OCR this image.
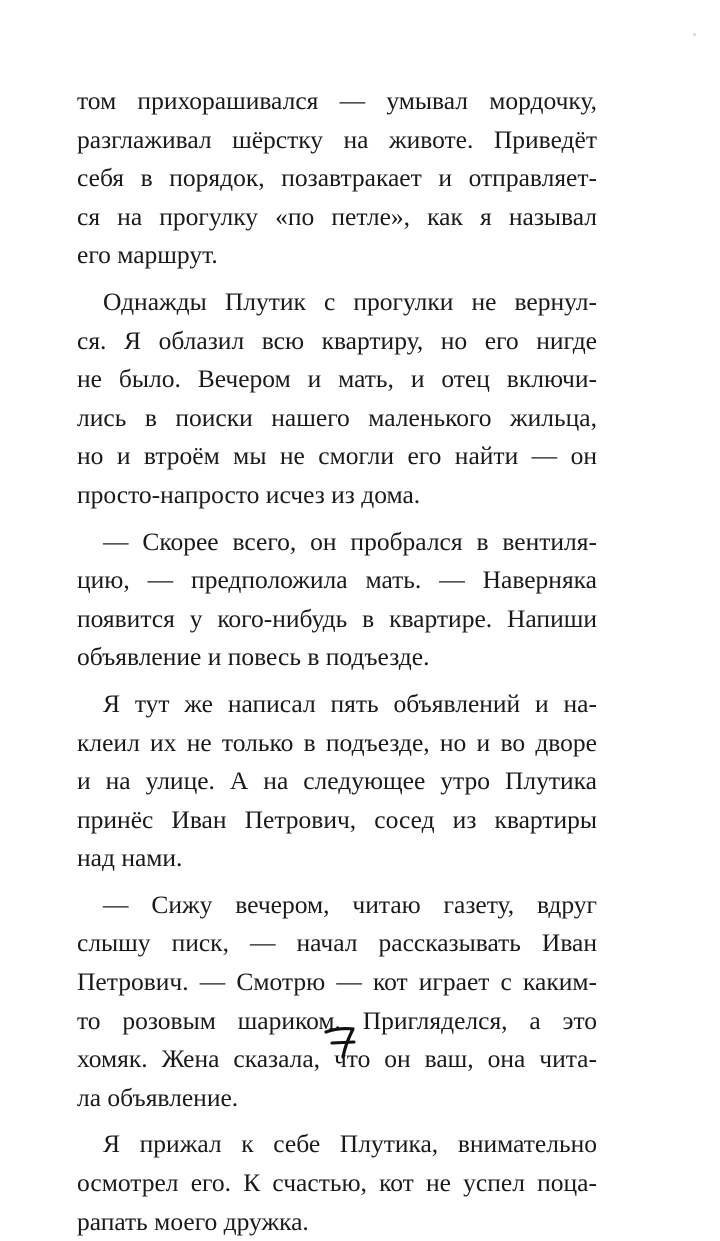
том прихорашивался — умывал мордочку,
разглаживал шёрстку на животе. Приведёт
себя в порядок, позавтракает и отправляет-
ся на прогулку «по петле», как я называл
его маршрут.
Однажды Плутик с прогулки не вернул-
ся. Я облазил всю квартиру, но его нигде
не было. Вечером и мать, и отец включи-
лись в поиски нашего маленького жильца,
но и втроём мы не смогли его найти — он
просто-напросто исчез из дома.
— Скорее всего, он пробрался в вентиля-
цию, — предположила мать. — Наверняка
появится у кого-нибудь в квартире. Напиши
объявление и повесь в подъезде.
Я тут же написал пять объявлений и на-
клеил их не только в подъезде, но и во дворе
и на улице. А на следующее утро Плутика
принёс Иван Петрович, сосед из квартиры
над нами.
— Сижу вечером, читаю газету, вдруг
слышу писк, — начал рассказывать Иван
Петрович. — Смотрю — кот играет с каким-
то розовым шариком. Пригляделся, а это
хомяк. Жена сказала, что он ваш, она чита-
ла объявление.
Я прижал к себе Плутика, внимательно
осмотрел его. К счастью, кот не успел поца-
рапать моего дружка.
